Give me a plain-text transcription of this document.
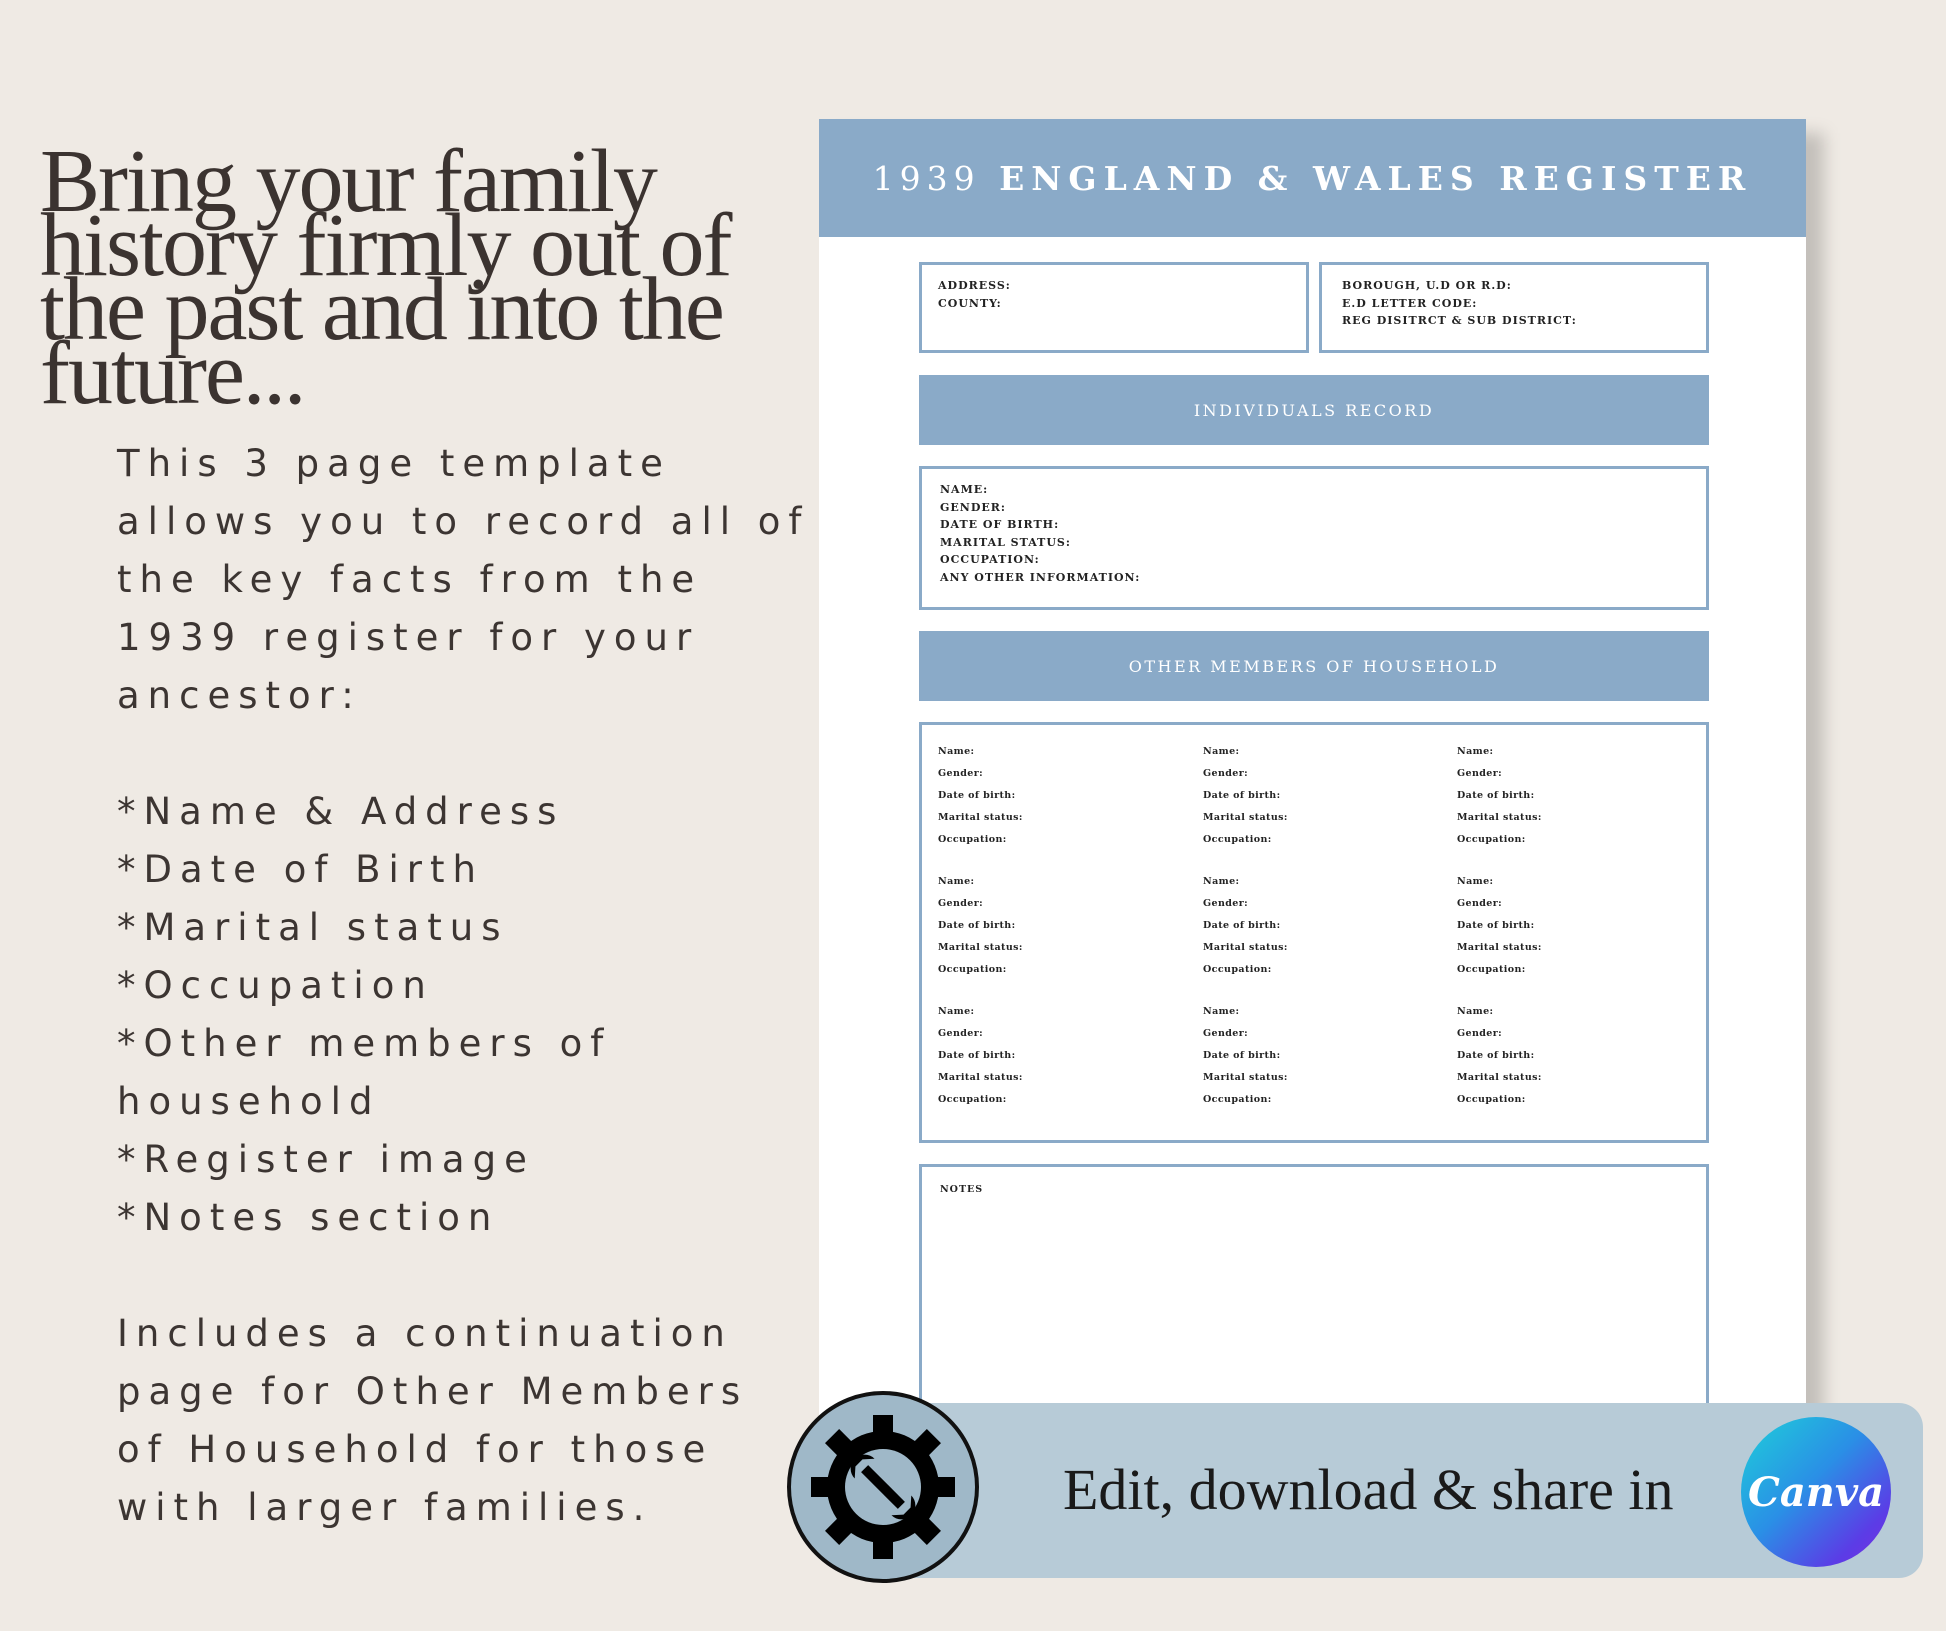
Bring your family history firmly out of the past and into the future...

This 3 page template allows you to record all of the key facts from the 1939 register for your ancestor:

*Name & Address
*Date of Birth
*Marital status
*Occupation
*Other members of household
*Register image
*Notes section

Includes a continuation page for Other Members of Household for those with larger families.

1939 ENGLAND & WALES REGISTER

ADDRESS:
COUNTY:
BOROUGH, U.D OR R.D:
E.D LETTER CODE:
REG DISITRCT & SUB DISTRICT:
INDIVIDUALS RECORD
NAME:
GENDER:
DATE OF BIRTH:
MARITAL STATUS:
OCCUPATION:
ANY OTHER INFORMATION:
OTHER MEMBERS OF HOUSEHOLD
Name:
Gender:
Date of birth:
Marital status:
Occupation:
Name:
Gender:
Date of birth:
Marital status:
Occupation:
Name:
Gender:
Date of birth:
Marital status:
Occupation:
Name:
Gender:
Date of birth:
Marital status:
Occupation:
Name:
Gender:
Date of birth:
Marital status:
Occupation:
Name:
Gender:
Date of birth:
Marital status:
Occupation:
Name:
Gender:
Date of birth:
Marital status:
Occupation:
Name:
Gender:
Date of birth:
Marital status:
Occupation:
Name:
Gender:
Date of birth:
Marital status:
Occupation:
NOTES

Edit, download & share in Canva
